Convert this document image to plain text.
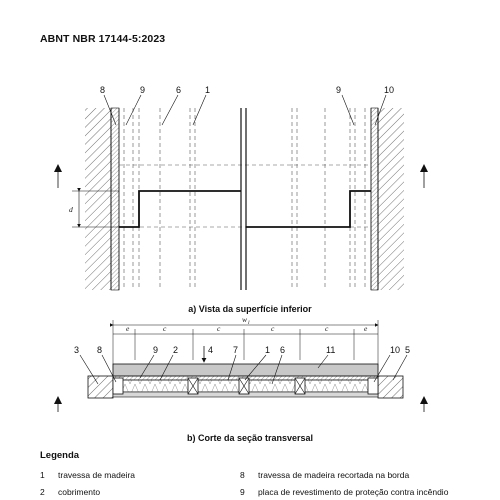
ABNT NBR 17144-5:2023
d
8	9	6	1	9	10
w l
e	c	c	c	c	e
3 8	9 2	4 7	1 6	11	10 5
a) Vista da superfície inferior
b) Corte da seção transversal
Legenda
1 travessa de madeira
2 cobrimento
8 travessa de madeira recortada na borda
9 placa de revestimento de proteção contra incêndio
